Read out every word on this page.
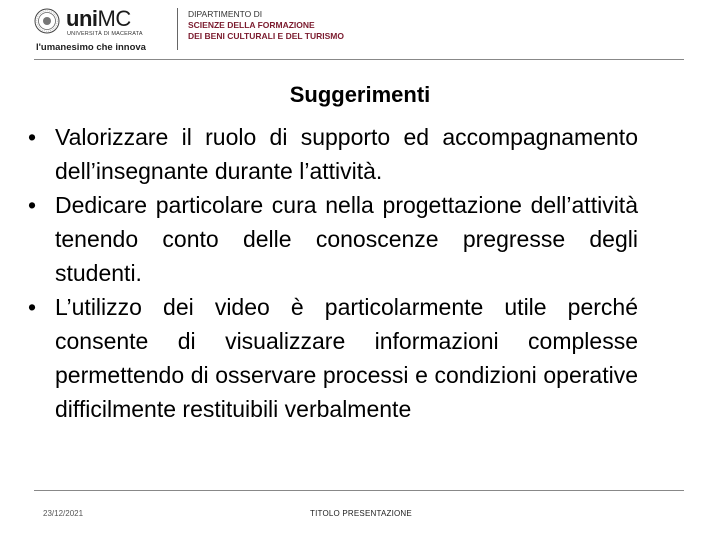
uniMC
UNIVERSITÀ DI MACERATA
l'umanesimo che innova
DIPARTIMENTO DI
SCIENZE DELLA FORMAZIONE
DEI BENI CULTURALI E DEL TURISMO
Suggerimenti
• Valorizzare il ruolo di supporto ed accompagnamento dell’insegnante durante l’attività.
• Dedicare particolare cura nella progettazione dell’attività tenendo conto delle conoscenze pregresse degli studenti.
• L’utilizzo dei video è particolarmente utile perché consente di visualizzare informazioni complesse permettendo di osservare processi e condizioni operative difficilmente restituibili verbalmente
23/12/2021	TITOLO PRESENTAZIONE
